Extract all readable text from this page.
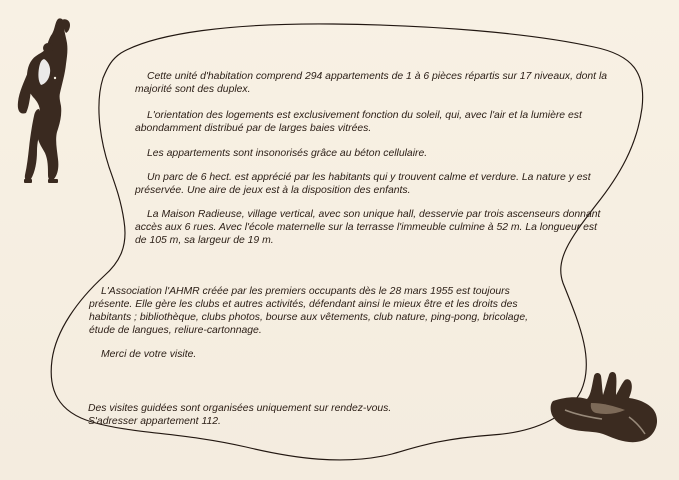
Cette unité d'habitation comprend 294 appartements de 1 à 6 pièces répartis sur 17 niveaux, dont la majorité sont des duplex.

L'orientation des logements est exclusivement fonction du soleil, qui, avec l'air et la lumière est abondamment distribué par de larges baies vitrées.

Les appartements sont insonorisés grâce au béton cellulaire.

Un parc de 6 hect. est apprécié par les habitants qui y trouvent calme et verdure. La nature y est préservée. Une aire de jeux est à la disposition des enfants.

La Maison Radieuse, village vertical, avec son unique hall, desservie par trois ascenseurs donnant accès aux 6 rues. Avec l'école maternelle sur la terrasse l'immeuble culmine à 52 m. La longueur est de 105 m, sa largeur de 19 m.

L'Association l'AHMR créée par les premiers occupants dès le 28 mars 1955 est toujours présente. Elle gère les clubs et autres activités, défendant ainsi le mieux être et les droits des habitants ; bibliothèque, clubs photos, bourse aux vêtements, club nature, ping-pong, bricolage, étude de langues, reliure-cartonnage.

Merci de votre visite.

Des visites guidées sont organisées uniquement sur rendez-vous. S'adresser appartement 112.
